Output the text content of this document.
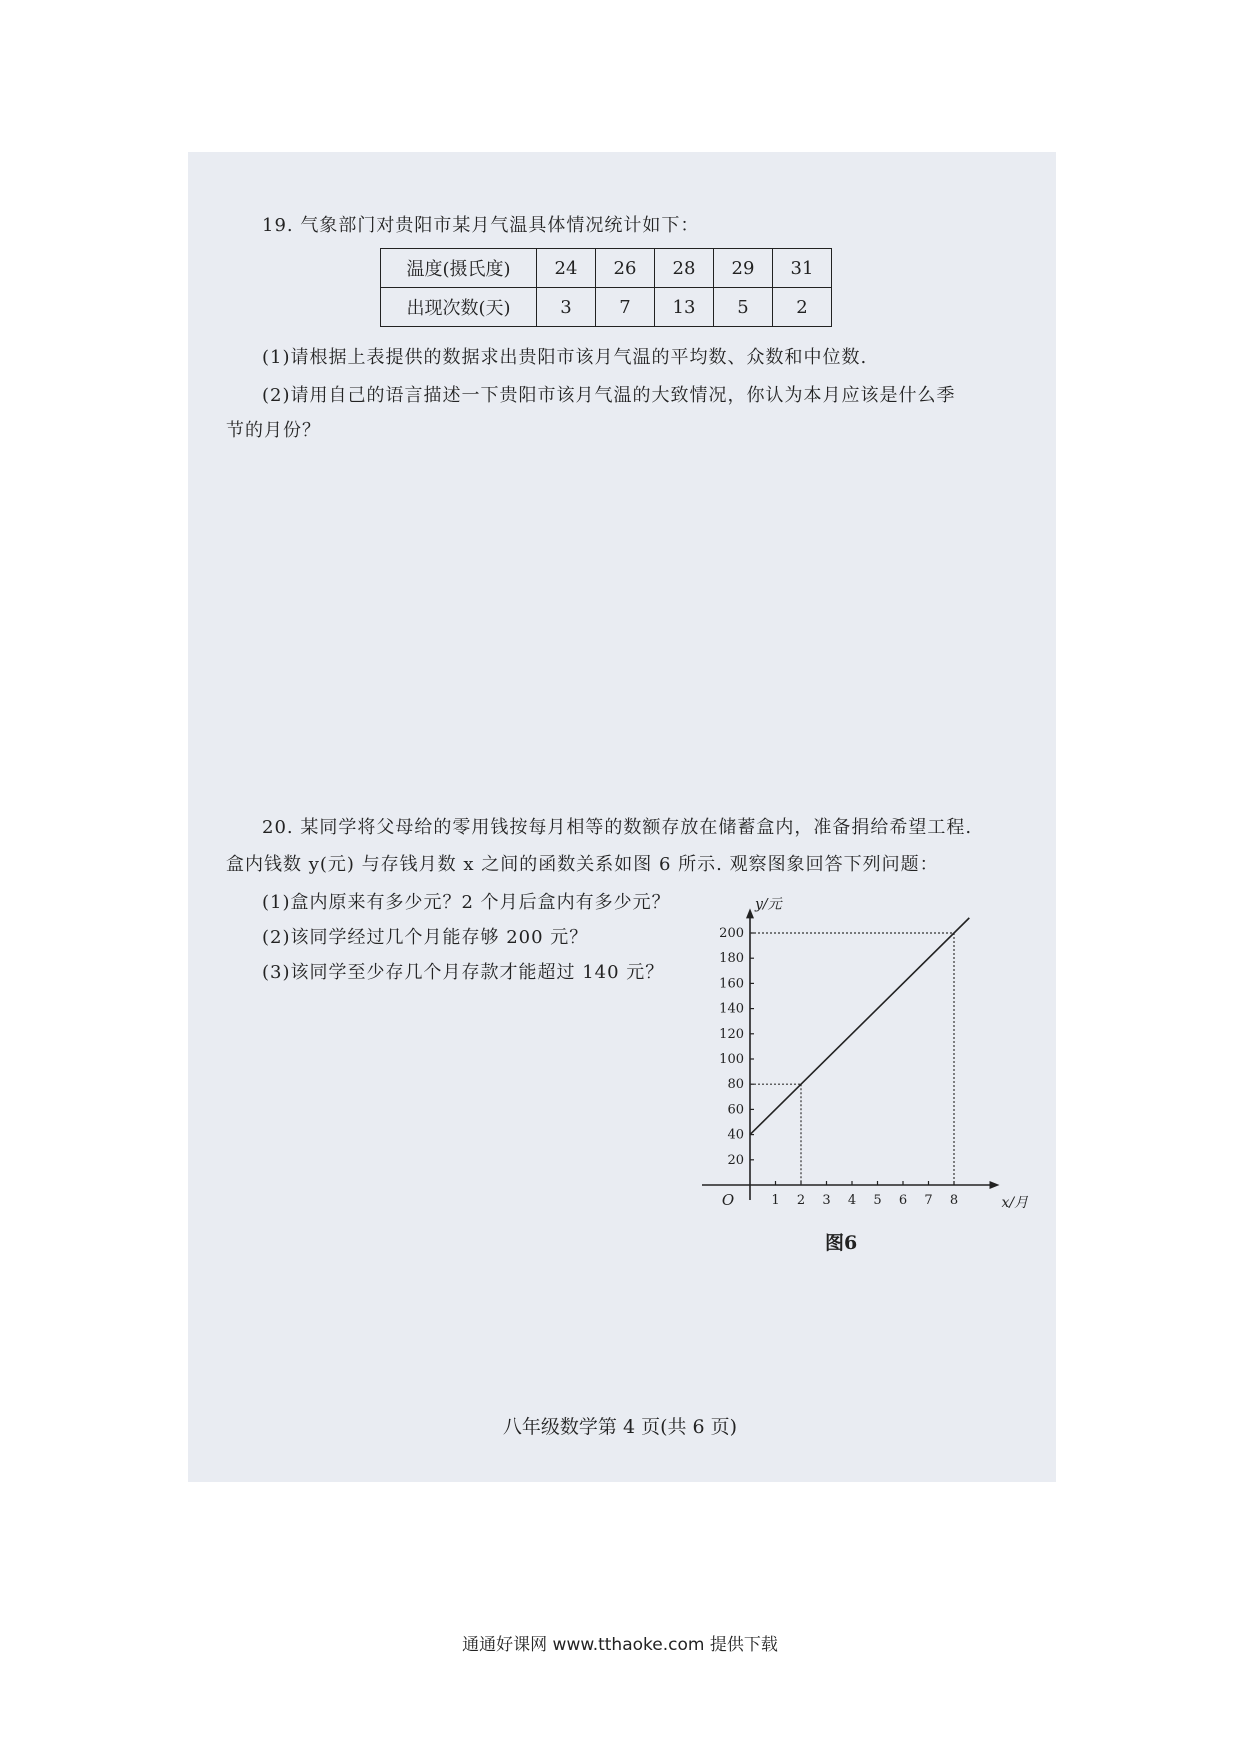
19. 气象部门对贵阳市某月气温具体情况统计如下：
温度(摄氏度)	24	26	28	29	31
出现次数(天)	3	7	13	5	2
(1)请根据上表提供的数据求出贵阳市该月气温的平均数、众数和中位数.
(2)请用自己的语言描述一下贵阳市该月气温的大致情况，你认为本月应该是什么季
节的月份？
20. 某同学将父母给的零用钱按每月相等的数额存放在储蓄盒内，准备捐给希望工程.
盒内钱数 y(元) 与存钱月数 x 之间的函数关系如图 6 所示. 观察图象回答下列问题：
(1)盒内原来有多少元？2 个月后盒内有多少元？
(2)该同学经过几个月能存够 200 元？
(3)该同学至少存几个月存款才能超过 140 元？
1 2 3 4 5 6 7 8
20
40
60
80
100
120
140
160
180
200
O	x/月
y/元
图6
八年级数学第 4 页(共 6 页)
通通好课网 www.tthaoke.com 提供下载
